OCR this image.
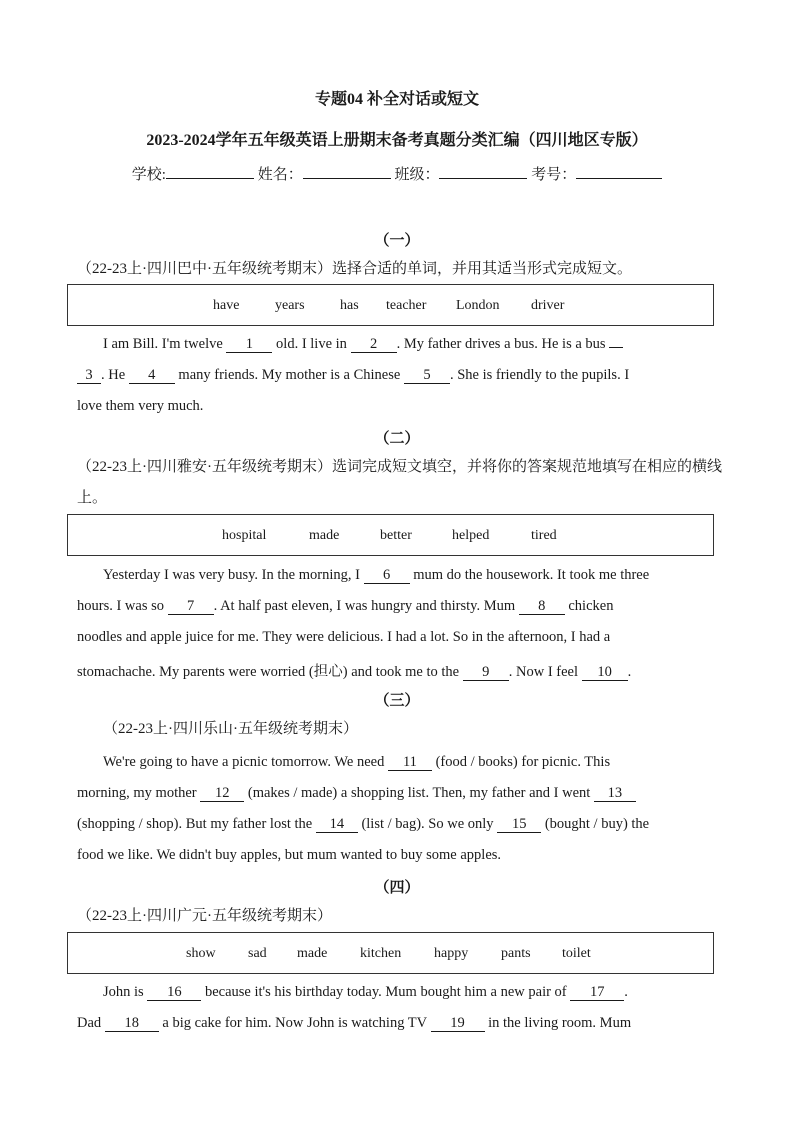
专题04 补全对话或短文
2023-2024学年五年级英语上册期末备考真题分类汇编（四川地区专版）
学校:	姓名：	班级：	考号：
（一）
（22-23上·四川巴中·五年级统考期末）选择合适的单词，并用其适当形式完成短文。
have	years	has teacher London driver
I am Bill. I'm twelve 1 old. I live in 2 . My father drives a bus. He is a bus
3 . He 4 many friends. My mother is a Chinese 5 . She is friendly to the pupils. I
love them very much.
（二）
（22-23上·四川雅安·五年级统考期末）选词完成短文填空，并将你的答案规范地填写在相应的横线上。
hospital	made	better	helped	tired
Yesterday I was very busy. In the morning, I 6 mum do the housework. It took me three
hours. I was so 7 . At half past eleven, I was hungry and thirsty. Mum 8 chicken
noodles and apple juice for me. They were delicious. I had a lot. So in the afternoon, I had a
stomachache. My parents were worried (担心) and took me to the 9 . Now I feel 10 .
（三）
（22-23上·四川乐山·五年级统考期末）
We're going to have a picnic tomorrow. We need 11 (food / books) for picnic. This
morning, my mother 12 (makes / made) a shopping list. Then, my father and I went 13
(shopping / shop). But my father lost the 14 (list / bag). So we only 15 (bought / buy) the
food we like. We didn't buy apples, but mum wanted to buy some apples.
（四）
（22-23上·四川广元·五年级统考期末）
show sad made kitchen happy pants toilet
John is 16 because it's his birthday today. Mum bought him a new pair of 17 .
Dad 18 a big cake for him. Now John is watching TV 19 in the living room. Mum
